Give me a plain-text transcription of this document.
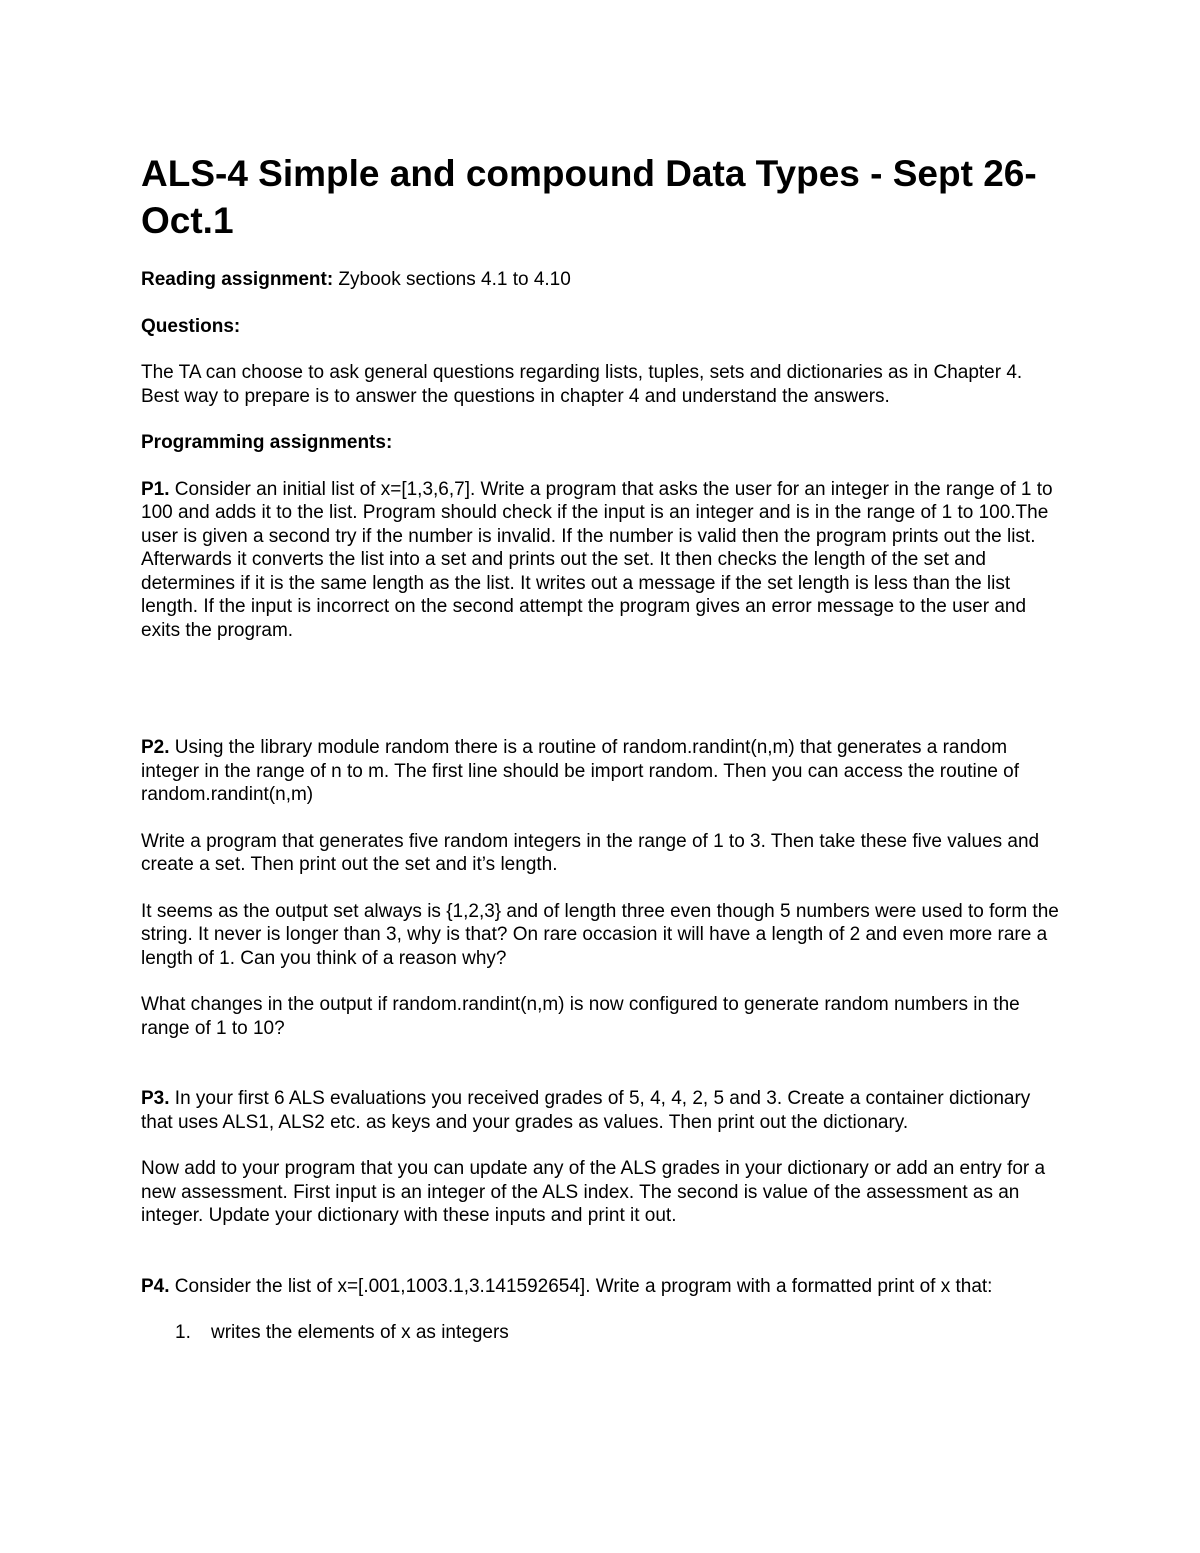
ALS-4 Simple and compound Data Types - Sept 26-Oct.1

Reading assignment: Zybook sections 4.1 to 4.10

Questions:

The TA can choose to ask general questions regarding lists, tuples, sets and dictionaries as in Chapter 4. Best way to prepare is to answer the questions in chapter 4 and understand the answers.

Programming assignments:

P1. Consider an initial list of x=[1,3,6,7]. Write a program that asks the user for an integer in the range of 1 to 100 and adds it to the list. Program should check if the input is an integer and is in the range of 1 to 100.The user is given a second try if the number is invalid. If the number is valid then the program prints out the list. Afterwards it converts the list into a set and prints out the set. It then checks the length of the set and determines if it is the same length as the list. It writes out a message if the set length is less than the list length. If the input is incorrect on the second attempt the program gives an error message to the user and exits the program.

P2. Using the library module random there is a routine of random.randint(n,m) that generates a random integer in the range of n to m. The first line should be import random. Then you can access the routine of random.randint(n,m)

Write a program that generates five random integers in the range of 1 to 3. Then take these five values and create a set. Then print out the set and it’s length.

It seems as the output set always is {1,2,3} and of length three even though 5 numbers were used to form the string. It never is longer than 3, why is that? On rare occasion it will have a length of 2 and even more rare a length of 1. Can you think of a reason why?

What changes in the output if random.randint(n,m) is now configured to generate random numbers in the range of 1 to 10?

P3. In your first 6 ALS evaluations you received grades of 5, 4, 4, 2, 5 and 3. Create a container dictionary that uses ALS1, ALS2 etc. as keys and your grades as values. Then print out the dictionary.

Now add to your program that you can update any of the ALS grades in your dictionary or add an entry for a new assessment. First input is an integer of the ALS index. The second is value of the assessment as an integer. Update your dictionary with these inputs and print it out.

P4. Consider the list of x=[.001,1003.1,3.141592654]. Write a program with a formatted print of x that:

1. writes the elements of x as integers
